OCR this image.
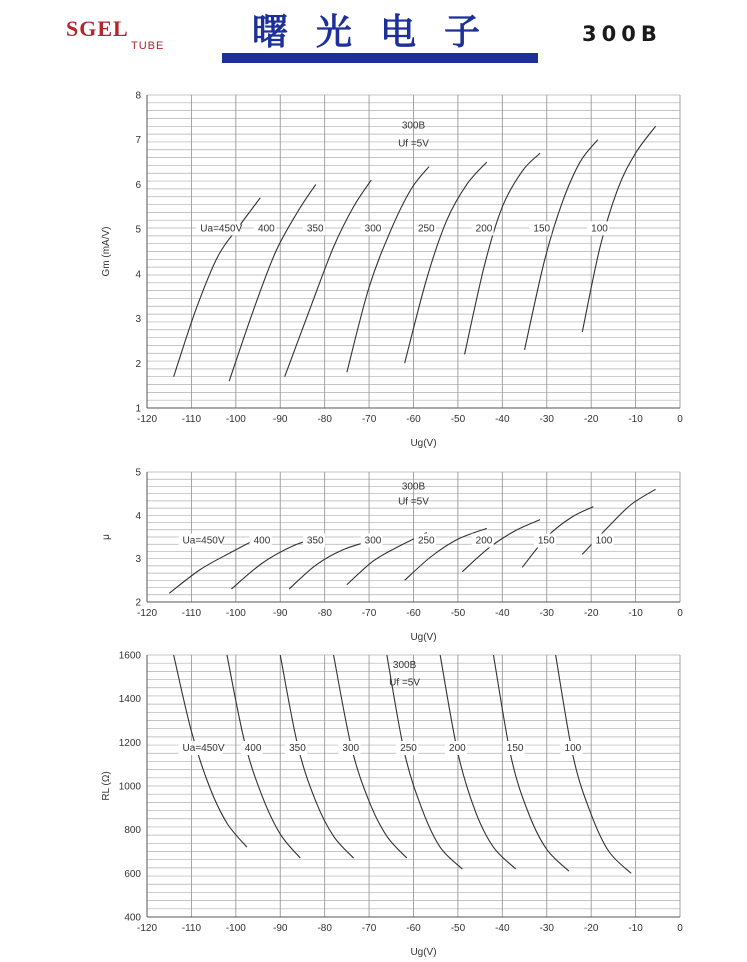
SGEL
TUBE	曙光电子	300B
-120 -110 -100	-90	-80	-70	-60	-50	-40	-30	-20	-10	0
1
2
3
4
5
6
7
8
Ug(V)
Gm (mA/V)
300B
Uf =5V
Ua=450V 400	350	300	250	200	150	100
-120 -110 -100	-90	-80	-70	-60	-50	-40	-30	-20	-10	0
2
3
4
5
Ug(V)
μ
300B
Uf =5V
Ua=450V	400	350	300	250	200	150	100
-120 -110 -100	-90	-80	-70	-60	-50	-40	-30	-20	-10	0
400
600
800
1000
1200
1400
1600
Ug(V)
RL (Ω)
300B
Uf =5V
Ua=450V 400	350	300	250	200	150	100
